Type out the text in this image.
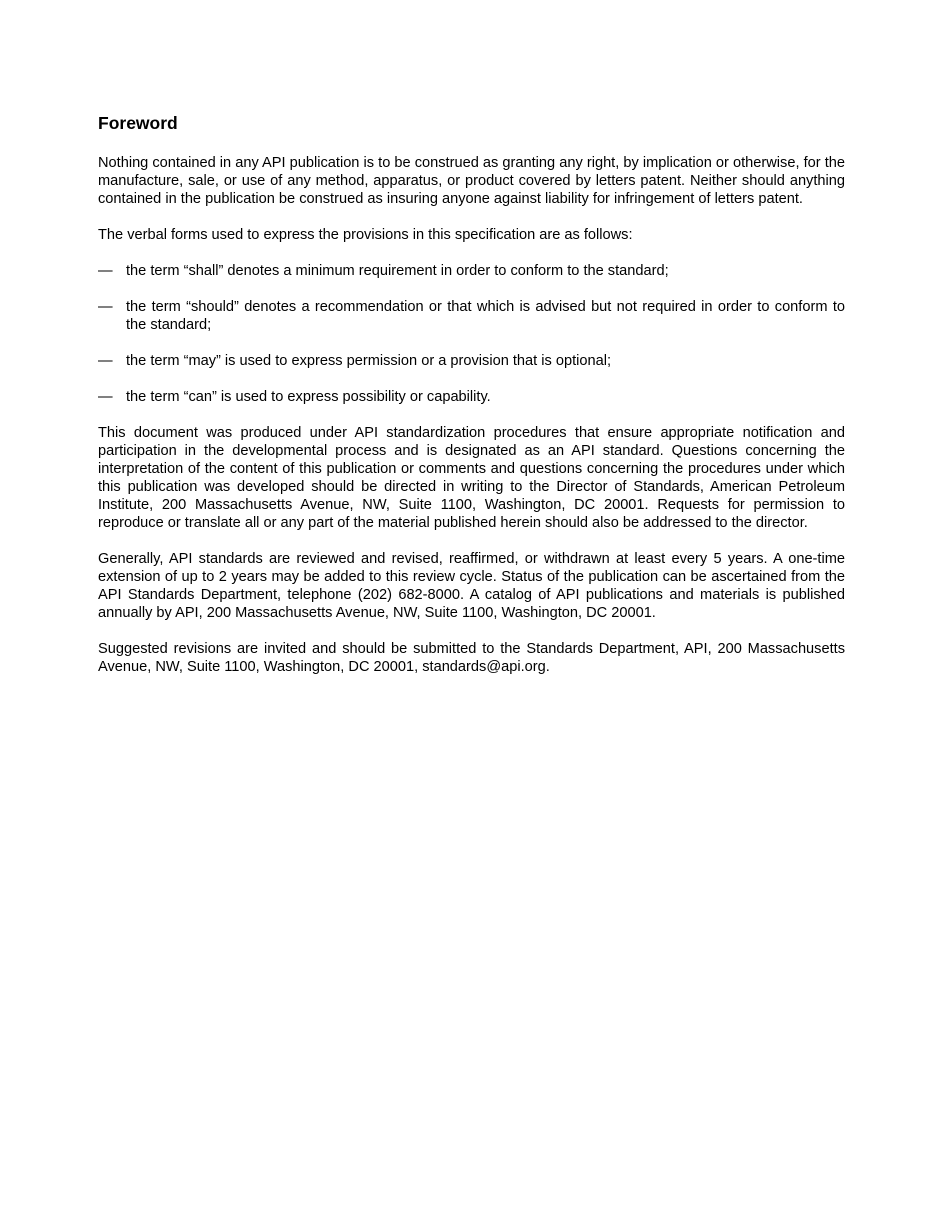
Foreword

Nothing contained in any API publication is to be construed as granting any right, by implication or otherwise, for the manufacture, sale, or use of any method, apparatus, or product covered by letters patent. Neither should anything contained in the publication be construed as insuring anyone against liability for infringement of letters patent.

The verbal forms used to express the provisions in this specification are as follows:

— the term “shall” denotes a minimum requirement in order to conform to the standard;
— the term “should” denotes a recommendation or that which is advised but not required in order to conform to the standard;
— the term “may” is used to express permission or a provision that is optional;
— the term “can” is used to express possibility or capability.

This document was produced under API standardization procedures that ensure appropriate notification and participation in the developmental process and is designated as an API standard. Questions concerning the interpretation of the content of this publication or comments and questions concerning the procedures under which this publication was developed should be directed in writing to the Director of Standards, American Petroleum Institute, 200 Massachusetts Avenue, NW, Suite 1100, Washington, DC 20001. Requests for permission to reproduce or translate all or any part of the material published herein should also be addressed to the director.

Generally, API standards are reviewed and revised, reaffirmed, or withdrawn at least every 5 years. A one-time extension of up to 2 years may be added to this review cycle. Status of the publication can be ascertained from the API Standards Department, telephone (202) 682-8000. A catalog of API publications and materials is published annually by API, 200 Massachusetts Avenue, NW, Suite 1100, Washington, DC 20001.

Suggested revisions are invited and should be submitted to the Standards Department, API, 200 Massachusetts Avenue, NW, Suite 1100, Washington, DC 20001, standards@api.org.
